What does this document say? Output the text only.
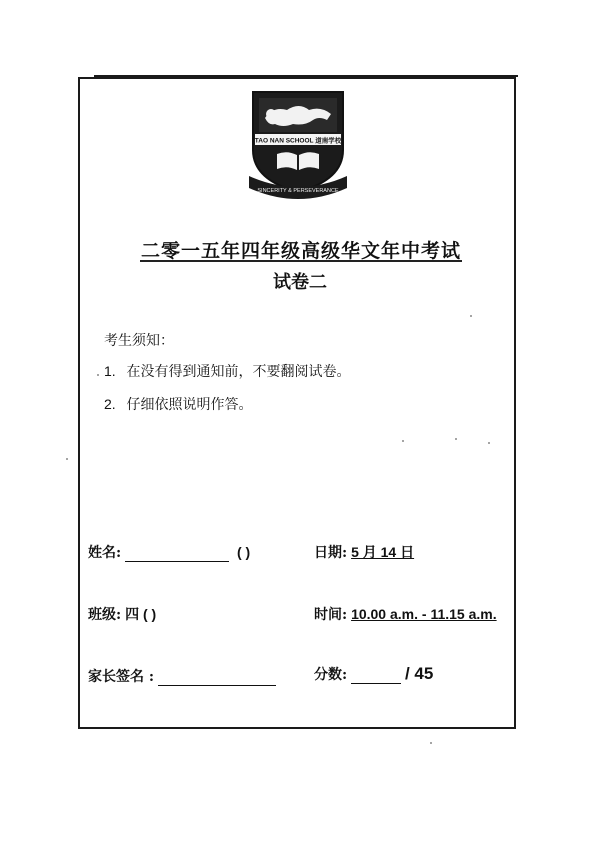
TAO NAN SCHOOL 道南学校
SINCERITY & PERSEVERANCE
二零一五年四年级高级华文年中考试
试卷二
考生须知：
1. 在没有得到通知前，不要翻阅试卷。
2. 仔细依照说明作答。
姓名:	( )	日期: 5 月 14 日
班级: 四 ( )	时间: 10.00 a.m. - 11.15 a.m.
家长签名 :	分数:	/ 45
